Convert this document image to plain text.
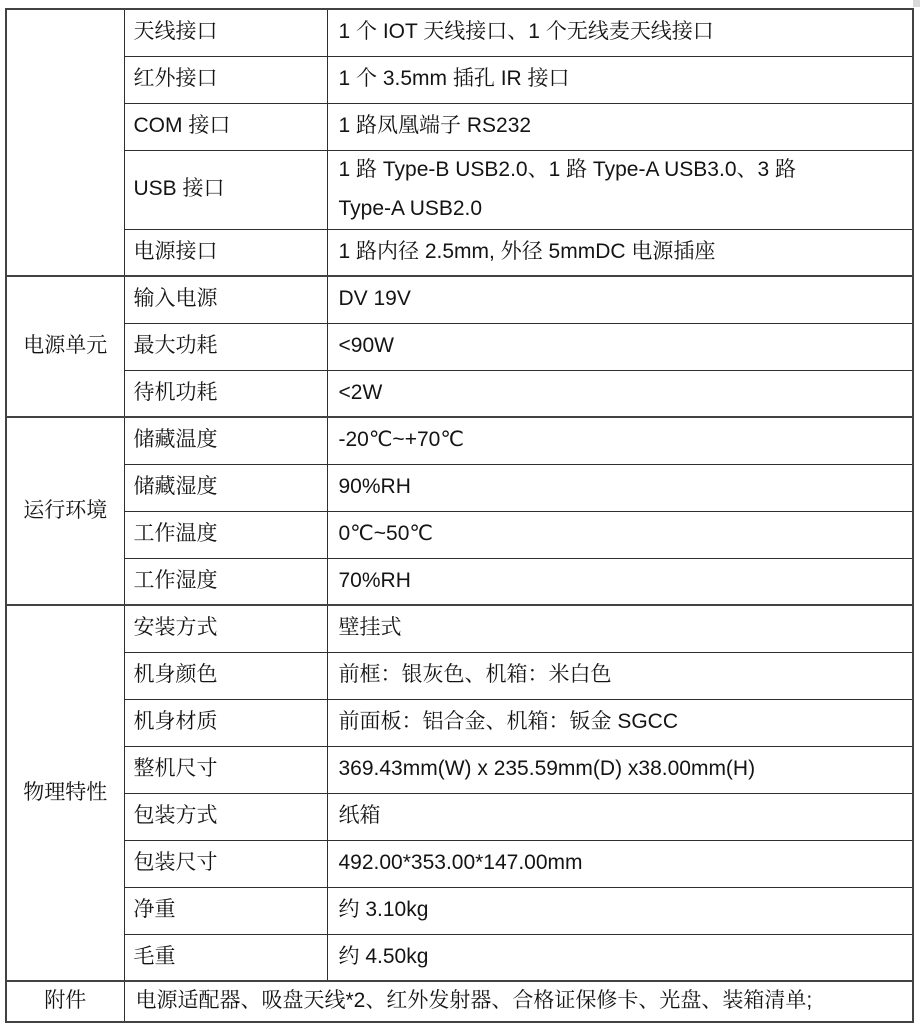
	天线接口	1 个 IOT 天线接口、1 个无线麦天线接口
	红外接口	1 个 3.5mm 插孔 IR 接口
	COM 接口	1 路凤凰端子 RS232
	USB 接口	1 路 Type-B USB2.0、1 路 Type-A USB3.0、3 路 Type-A USB2.0
	电源接口	1 路内径 2.5mm, 外径 5mmDC 电源插座
电源单元	输入电源	DV 19V
	最大功耗	<90W
	待机功耗	<2W
运行环境	储藏温度	-20℃~+70℃
	储藏湿度	90%RH
	工作温度	0℃~50℃
	工作湿度	70%RH
物理特性	安装方式	壁挂式
	机身颜色	前框：银灰色、机箱：米白色
	机身材质	前面板：铝合金、机箱：钣金 SGCC
	整机尺寸	369.43mm(W) x 235.59mm(D) x38.00mm(H)
	包装方式	纸箱
	包装尺寸	492.00*353.00*147.00mm
	净重	约 3.10kg
	毛重	约 4.50kg
附件	电源适配器、吸盘天线*2、红外发射器、合格证保修卡、光盘、装箱清单;	
